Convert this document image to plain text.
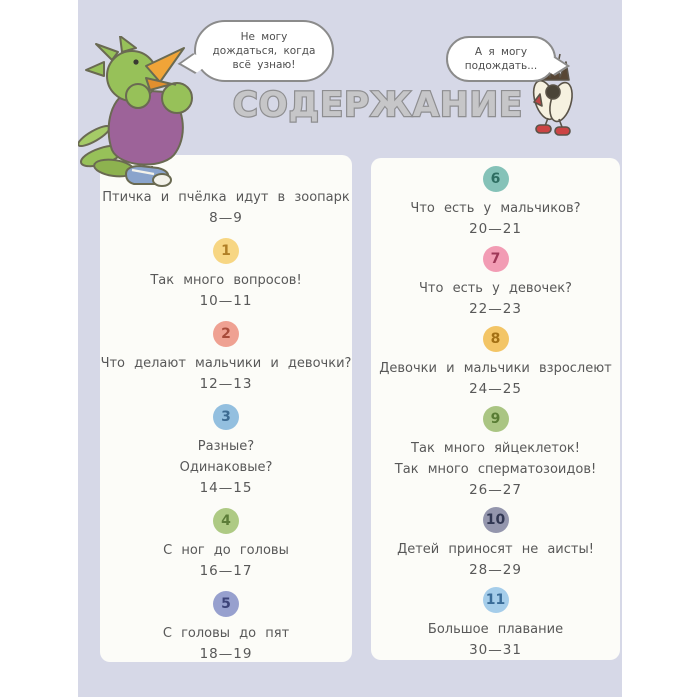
Не могу
дождаться, когда
всё узнаю!
А я могу
подождать...
СОДЕРЖАНИЕ
Птичка и пчёлка идут в зоопарк
8—9
1
Так много вопросов!
10—11
2
Что делают мальчики и девочки?
12—13
3
Разные?
Одинаковые?
14—15
4
С ног до головы
16—17
5
С головы до пят
18—19
6
Что есть у мальчиков?
20—21
7
Что есть у девочек?
22—23
8
Девочки и мальчики взрослеют
24—25
9
Так много яйцеклеток!
Так много сперматозоидов!
26—27
10
Детей приносят не аисты!
28—29
11
Большое плавание
30—31
